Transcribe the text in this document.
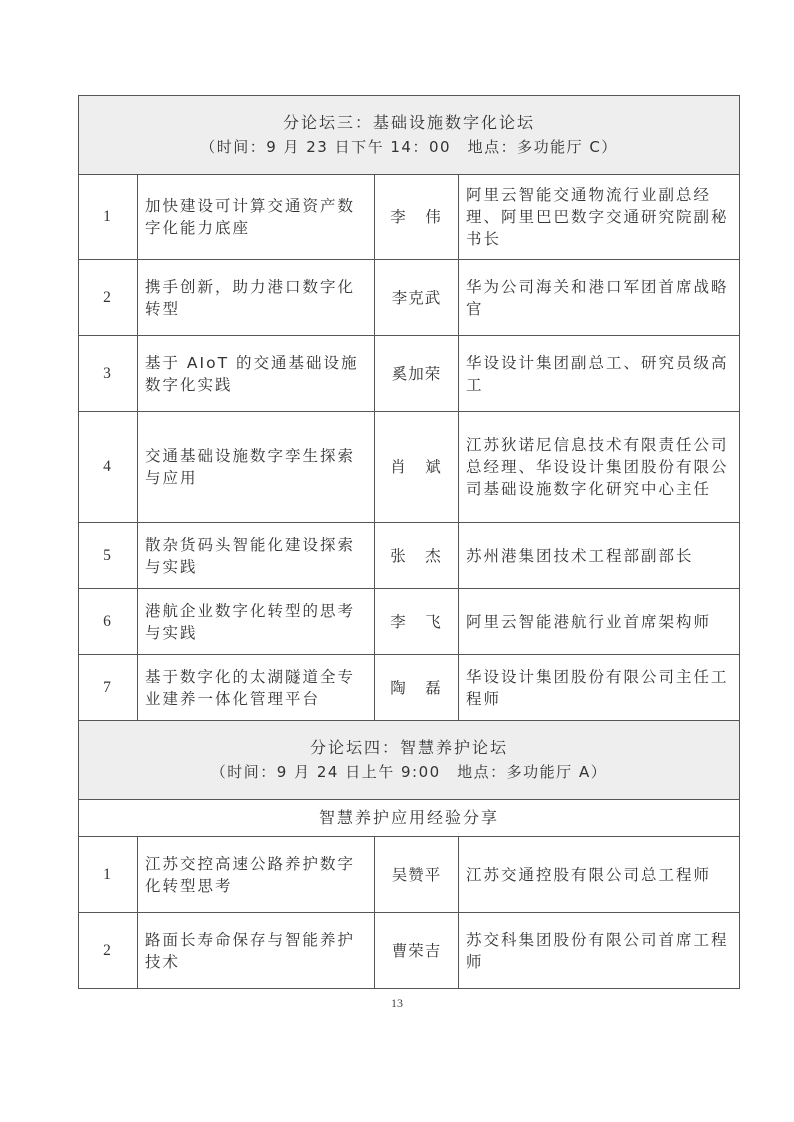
分论坛三：基础设施数字化论坛
（时间：9 月 23 日下午 14：00　地点：多功能厅 C）			

1	加快建设可计算交通资产数字化能力底座	李　伟	阿里云智能交通物流行业副总经理、阿里巴巴数字交通研究院副秘书长
2	携手创新，助力港口数字化转型	李克武	华为公司海关和港口军团首席战略官
3	基于 AIoT 的交通基础设施数字化实践	奚加荣	华设设计集团副总工、研究员级高工
4	交通基础设施数字孪生探索与应用	肖　斌	江苏狄诺尼信息技术有限责任公司总经理、华设设计集团股份有限公司基础设施数字化研究中心主任
5	散杂货码头智能化建设探索与实践	张　杰	苏州港集团技术工程部副部长
6	港航企业数字化转型的思考与实践	李　飞	阿里云智能港航行业首席架构师
7	基于数字化的太湖隧道全专业建养一体化管理平台	陶　磊	华设设计集团股份有限公司主任工程师

分论坛四：智慧养护论坛
（时间：9 月 24 日上午 9:00　地点：多功能厅 A）			

智慧养护应用经验分享			
1	江苏交控高速公路养护数字化转型思考	吴赞平	江苏交通控股有限公司总工程师
2	路面长寿命保存与智能养护技术	曹荣吉	苏交科集团股份有限公司首席工程师
13
